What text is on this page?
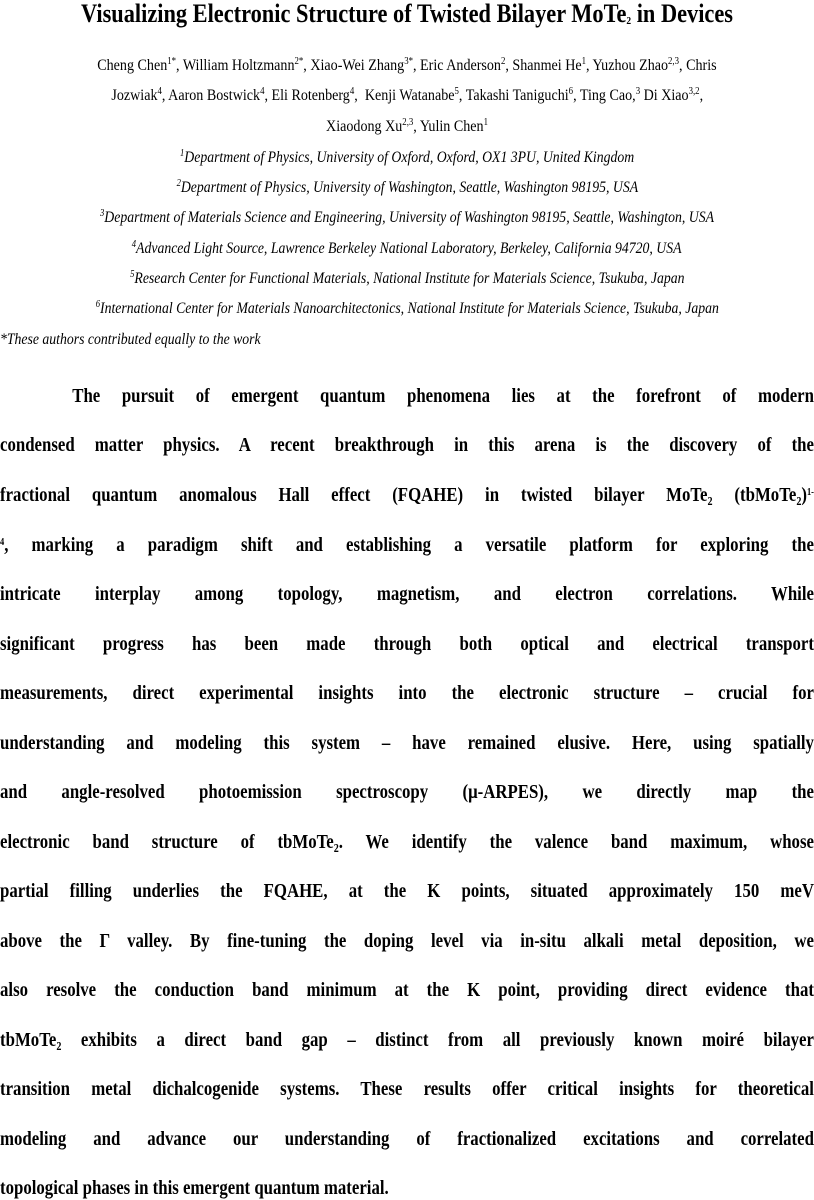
Visualizing Electronic Structure of Twisted Bilayer MoTe$_2$ in Devices
Cheng Chen$^{1*}$, William Holtzmann$^{2*}$, Xiao-Wei Zhang$^{3*}$, Eric Anderson$^2$, Shanmei He$^1$, Yuzhou Zhao$^{2,3}$, Chris
Jozwiak$^4$, Aaron Bostwick$^4$, Eli Rotenberg$^4$,  Kenji Watanabe$^5$, Takashi Taniguchi$^6$, Ting Cao,$^3$ Di Xiao$^{3,2}$,
Xiaodong Xu$^{2,3}$, Yulin Chen$^1$
$^1$Department of Physics, University of Oxford, Oxford, OX1 3PU, United Kingdom
$^2$Department of Physics, University of Washington, Seattle, Washington 98195, USA
$^3$Department of Materials Science and Engineering, University of Washington 98195, Seattle, Washington, USA
$^4$Advanced Light Source, Lawrence Berkeley National Laboratory, Berkeley, California 94720, USA
$^5$Research Center for Functional Materials, National Institute for Materials Science, Tsukuba, Japan
$^6$International Center for Materials Nanoarchitectonics, National Institute for Materials Science, Tsukuba, Japan
*These authors contributed equally to the work
The pursuit of emergent quantum phenomena lies at the forefront of modern
condensed matter physics. A recent breakthrough in this arena is the discovery of the
fractional quantum anomalous Hall effect (FQAHE) in twisted bilayer MoTe₂ (tbMoTe₂)$^{1-}$
$^4$, marking a paradigm shift and establishing a versatile platform for exploring the
intricate interplay among topology, magnetism, and electron correlations. While
significant progress has been made through both optical and electrical transport
measurements, direct experimental insights into the electronic structure – crucial for
understanding and modeling this system – have remained elusive. Here, using spatially
and angle-resolved photoemission spectroscopy (μ-ARPES), we directly map the
electronic band structure of tbMoTe₂. We identify the valence band maximum, whose
partial filling underlies the FQAHE, at the K points, situated approximately 150 meV
above the Γ valley. By fine-tuning the doping level via in-situ alkali metal deposition, we
also resolve the conduction band minimum at the K point, providing direct evidence that
tbMoTe₂ exhibits a direct band gap – distinct from all previously known moiré bilayer
transition metal dichalcogenide systems. These results offer critical insights for theoretical
modeling and advance our understanding of fractionalized excitations and correlated
topological phases in this emergent quantum material.
